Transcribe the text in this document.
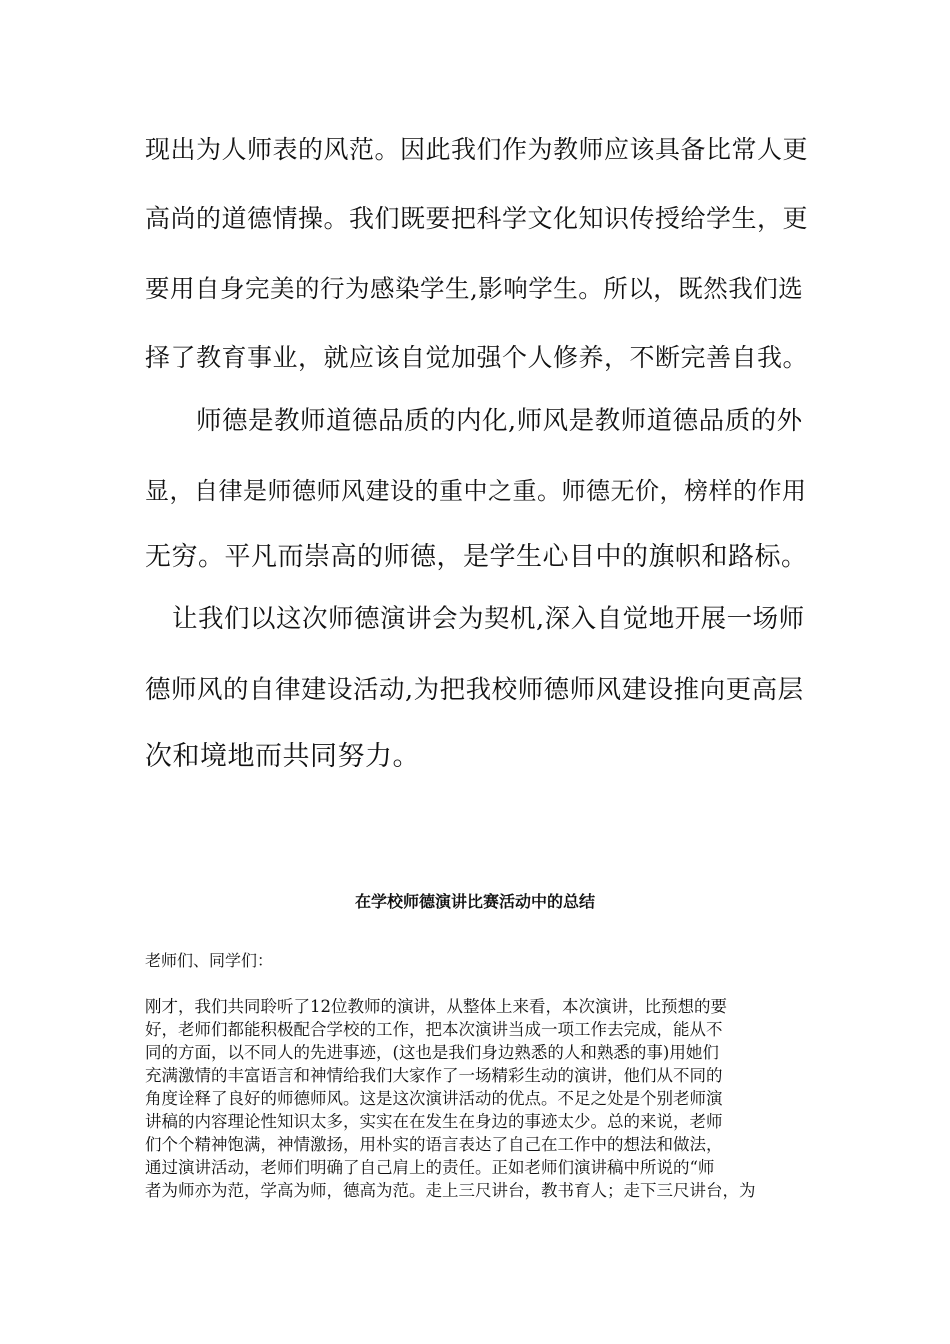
现出为人师表的风范。因此我们作为教师应该具备比常人更

高尚的道德情操。我们既要把科学文化知识传授给学生，更

要用自身完美的行为感染学生,影响学生。所以，既然我们选

择了教育事业，就应该自觉加强个人修养，不断完善自我。

师德是教师道德品质的内化,师风是教师道德品质的外

显，自律是师德师风建设的重中之重。师德无价，榜样的作用

无穷。平凡而崇高的师德，是学生心目中的旗帜和路标。

让我们以这次师德演讲会为契机,深入自觉地开展一场师

德师风的自律建设活动,为把我校师德师风建设推向更高层

次和境地而共同努力。

在学校师德演讲比赛活动中的总结

老师们、同学们：

刚才，我们共同聆听了12位教师的演讲，从整体上来看，本次演讲，比预想的要

好，老师们都能积极配合学校的工作，把本次演讲当成一项工作去完成，能从不

同的方面，以不同人的先进事迹，(这也是我们身边熟悉的人和熟悉的事)用她们

充满激情的丰富语言和神情给我们大家作了一场精彩生动的演讲，他们从不同的

角度诠释了良好的师德师风。这是这次演讲活动的优点。不足之处是个别老师演

讲稿的内容理论性知识太多，实实在在发生在身边的事迹太少。总的来说，老师

们个个精神饱满，神情激扬，用朴实的语言表达了自己在工作中的想法和做法，

通过演讲活动，老师们明确了自己肩上的责任。正如老师们演讲稿中所说的“师

者为师亦为范，学高为师，德高为范。走上三尺讲台，教书育人；走下三尺讲台，为
